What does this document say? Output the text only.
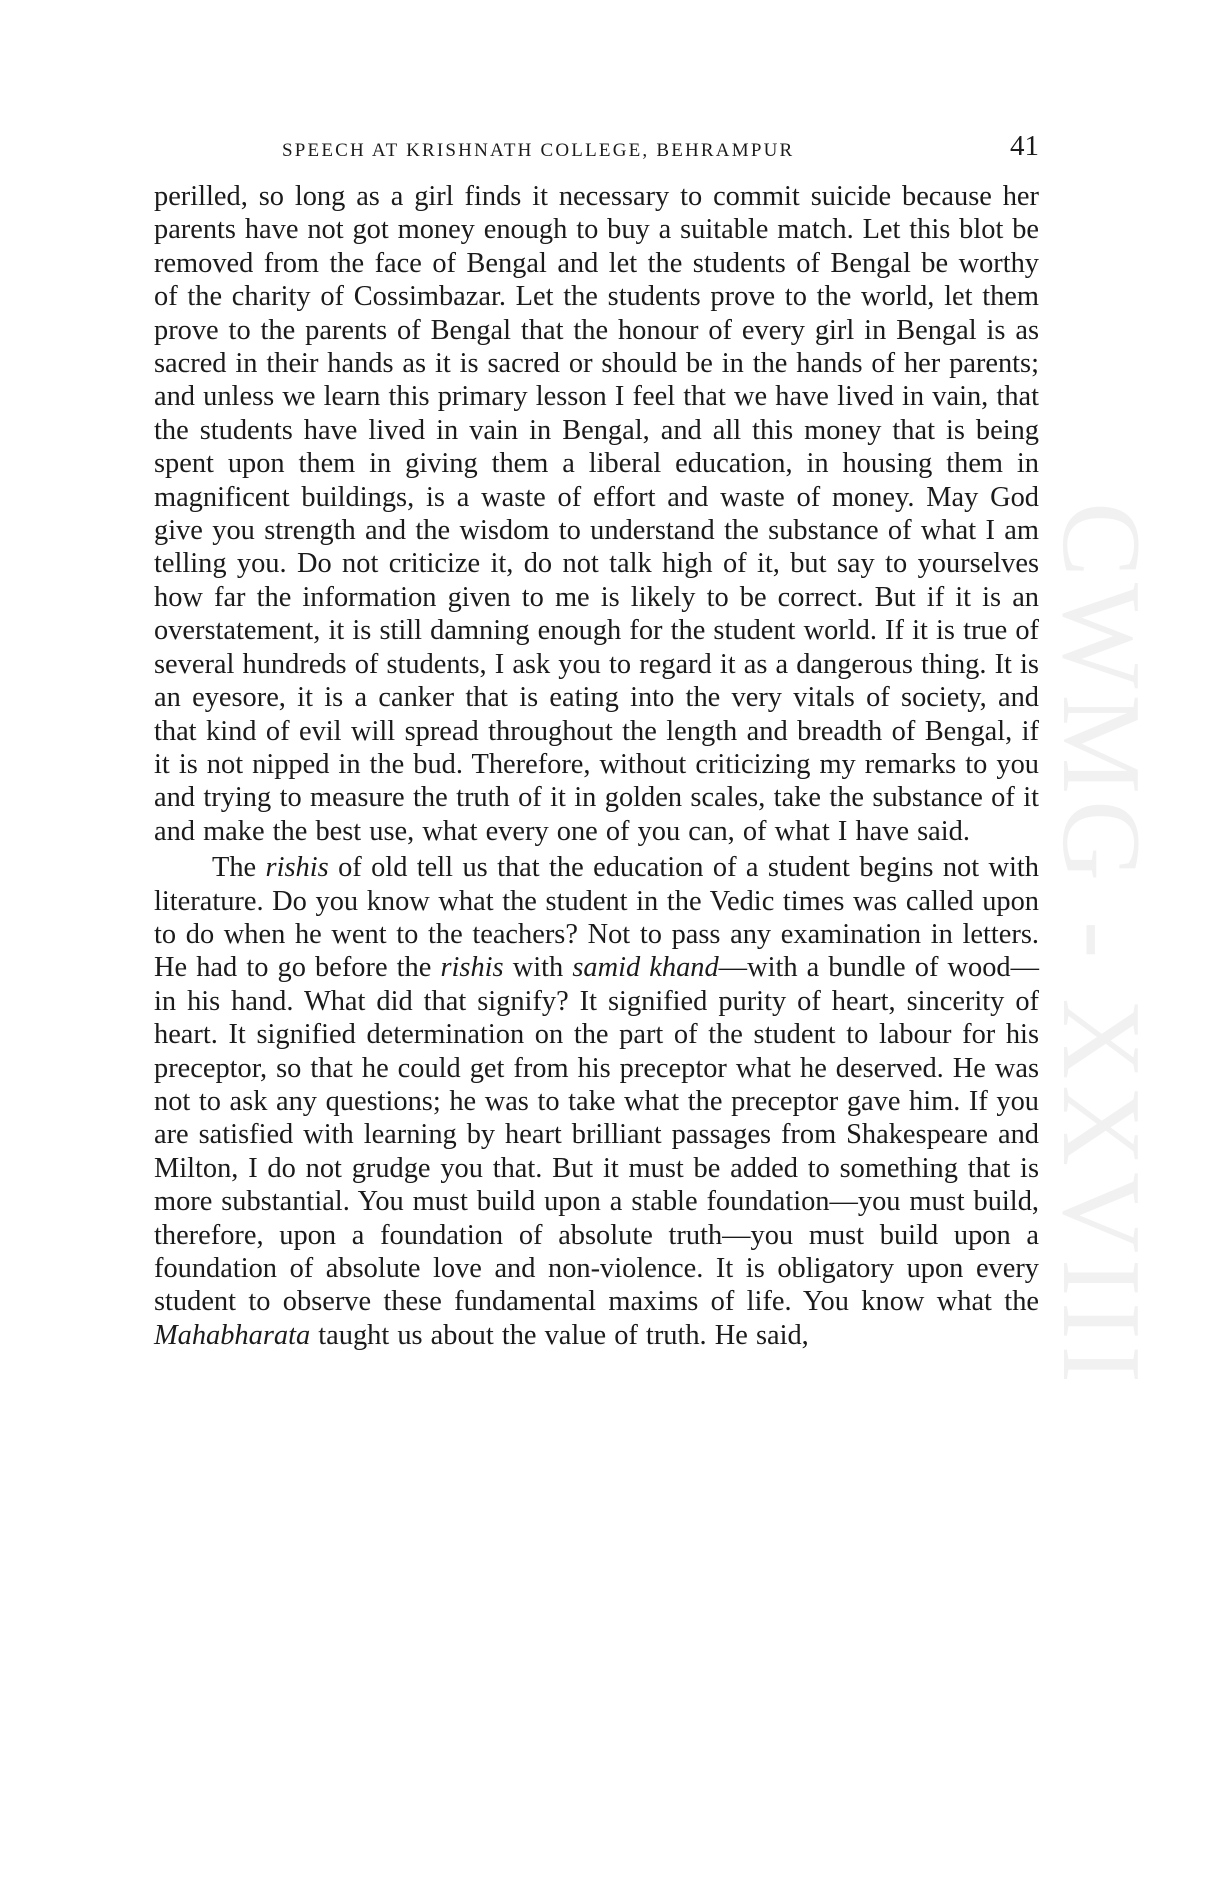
SPEECH AT KRISHNATH COLLEGE, BEHRAMPUR	41

perilled, so long as a girl finds it necessary to commit suicide because her parents have not got money enough to buy a suitable match. Let this blot be removed from the face of Bengal and let the students of Bengal be worthy of the charity of Cossimbazar. Let the students prove to the world, let them prove to the parents of Bengal that the honour of every girl in Bengal is as sacred in their hands as it is sacred or should be in the hands of her parents; and unless we learn this primary lesson I feel that we have lived in vain, that the students have lived in vain in Bengal, and all this money that is being spent upon them in giving them a liberal education, in housing them in magnificent buildings, is a waste of effort and waste of money. May God give you strength and the wisdom to understand the substance of what I am telling you. Do not criticize it, do not talk high of it, but say to yourselves how far the information given to me is likely to be correct. But if it is an overstatement, it is still damning enough for the student world. If it is true of several hundreds of students, I ask you to regard it as a dangerous thing. It is an eyesore, it is a canker that is eating into the very vitals of society, and that kind of evil will spread throughout the length and breadth of Bengal, if it is not nipped in the bud. Therefore, without criticizing my remarks to you and trying to measure the truth of it in golden scales, take the substance of it and make the best use, what every one of you can, of what I have said.

The rishis of old tell us that the education of a student begins not with literature. Do you know what the student in the Vedic times was called upon to do when he went to the teachers? Not to pass any examination in letters. He had to go before the rishis with samid khand—with a bundle of wood—in his hand. What did that signify? It signified purity of heart, sincerity of heart. It signified determination on the part of the student to labour for his preceptor, so that he could get from his preceptor what he deserved. He was not to ask any questions; he was to take what the preceptor gave him. If you are satisfied with learning by heart brilliant passages from Shakespeare and Milton, I do not grudge you that. But it must be added to something that is more substantial. You must build upon a stable foundation—you must build, therefore, upon a foundation of absolute truth—you must build upon a foundation of absolute love and non-violence. It is obligatory upon every student to observe these fundamental maxims of life. You know what the Mahabharata taught us about the value of truth. He said,	CWMG - XXVIII
